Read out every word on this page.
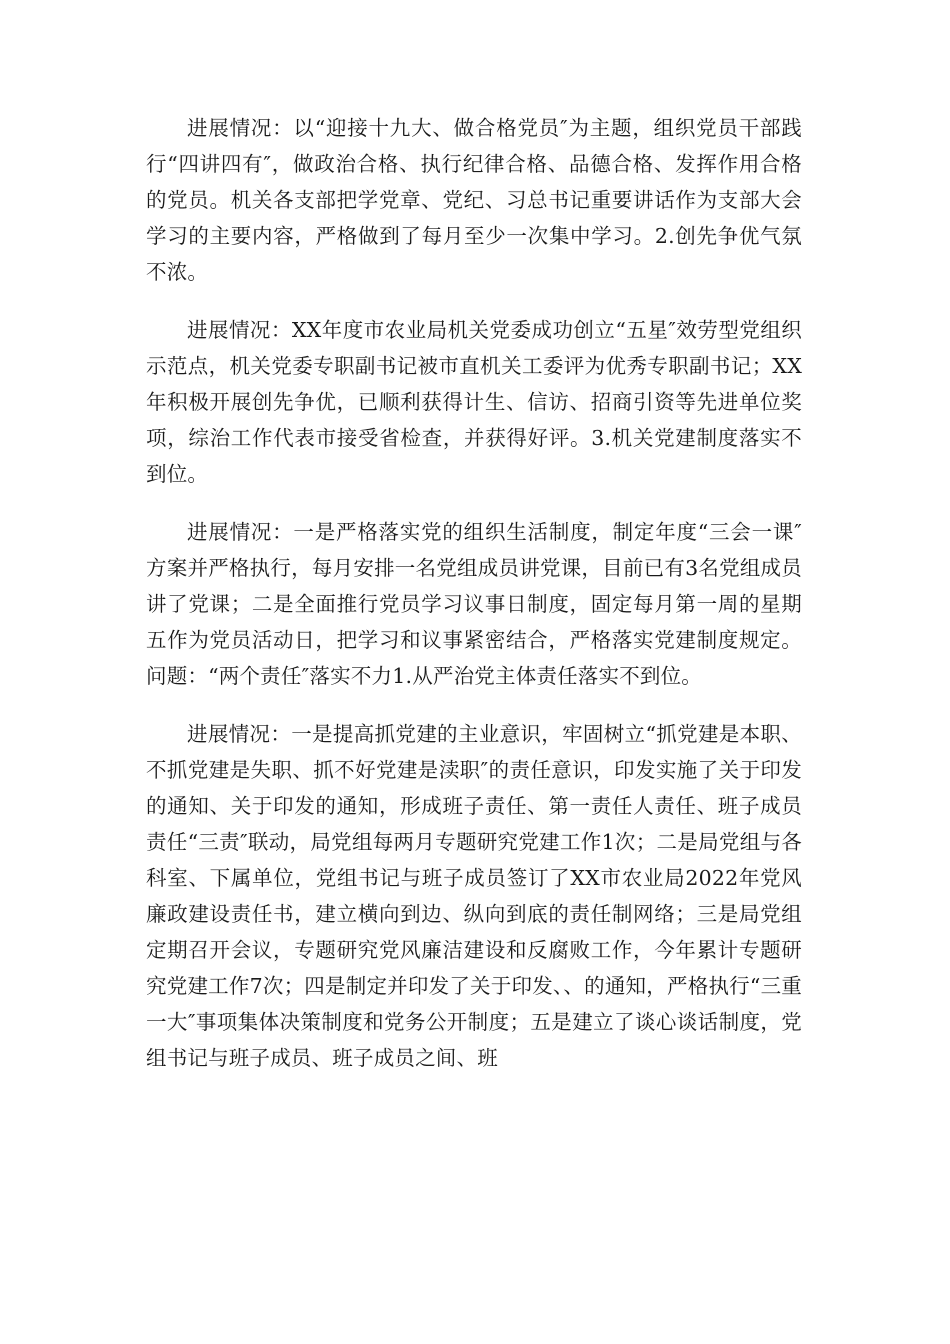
进展情况：以“迎接十九大、做合格党员″为主题，组织党员干部践行“四讲四有″，做政治合格、执行纪律合格、品德合格、发挥作用合格的党员。机关各支部把学党章、党纪、习总书记重要讲话作为支部大会学习的主要内容，严格做到了每月至少一次集中学习。2.创先争优气氛不浓。

进展情况：XX年度市农业局机关党委成功创立“五星″效劳型党组织示范点，机关党委专职副书记被市直机关工委评为优秀专职副书记；XX年积极开展创先争优，已顺利获得计生、信访、招商引资等先进单位奖项，综治工作代表市接受省检查，并获得好评。3.机关党建制度落实不到位。

进展情况：一是严格落实党的组织生活制度，制定年度“三会一课″方案并严格执行，每月安排一名党组成员讲党课，目前已有3名党组成员讲了党课；二是全面推行党员学习议事日制度，固定每月第一周的星期五作为党员活动日，把学习和议事紧密结合，严格落实党建制度规定。问题：“两个责任″落实不力1.从严治党主体责任落实不到位。

进展情况：一是提高抓党建的主业意识，牢固树立“抓党建是本职、不抓党建是失职、抓不好党建是渎职″的责任意识，印发实施了关于印发的通知、关于印发的通知，形成班子责任、第一责任人责任、班子成员责任“三责″联动，局党组每两月专题研究党建工作1次；二是局党组与各科室、下属单位，党组书记与班子成员签订了XX市农业局2022年党风廉政建设责任书，建立横向到边、纵向到底的责任制网络；三是局党组定期召开会议，专题研究党风廉洁建设和反腐败工作，今年累计专题研究党建工作7次；四是制定并印发了关于印发、、的通知，严格执行“三重一大″事项集体决策制度和党务公开制度；五是建立了谈心谈话制度，党组书记与班子成员、班子成员之间、班
